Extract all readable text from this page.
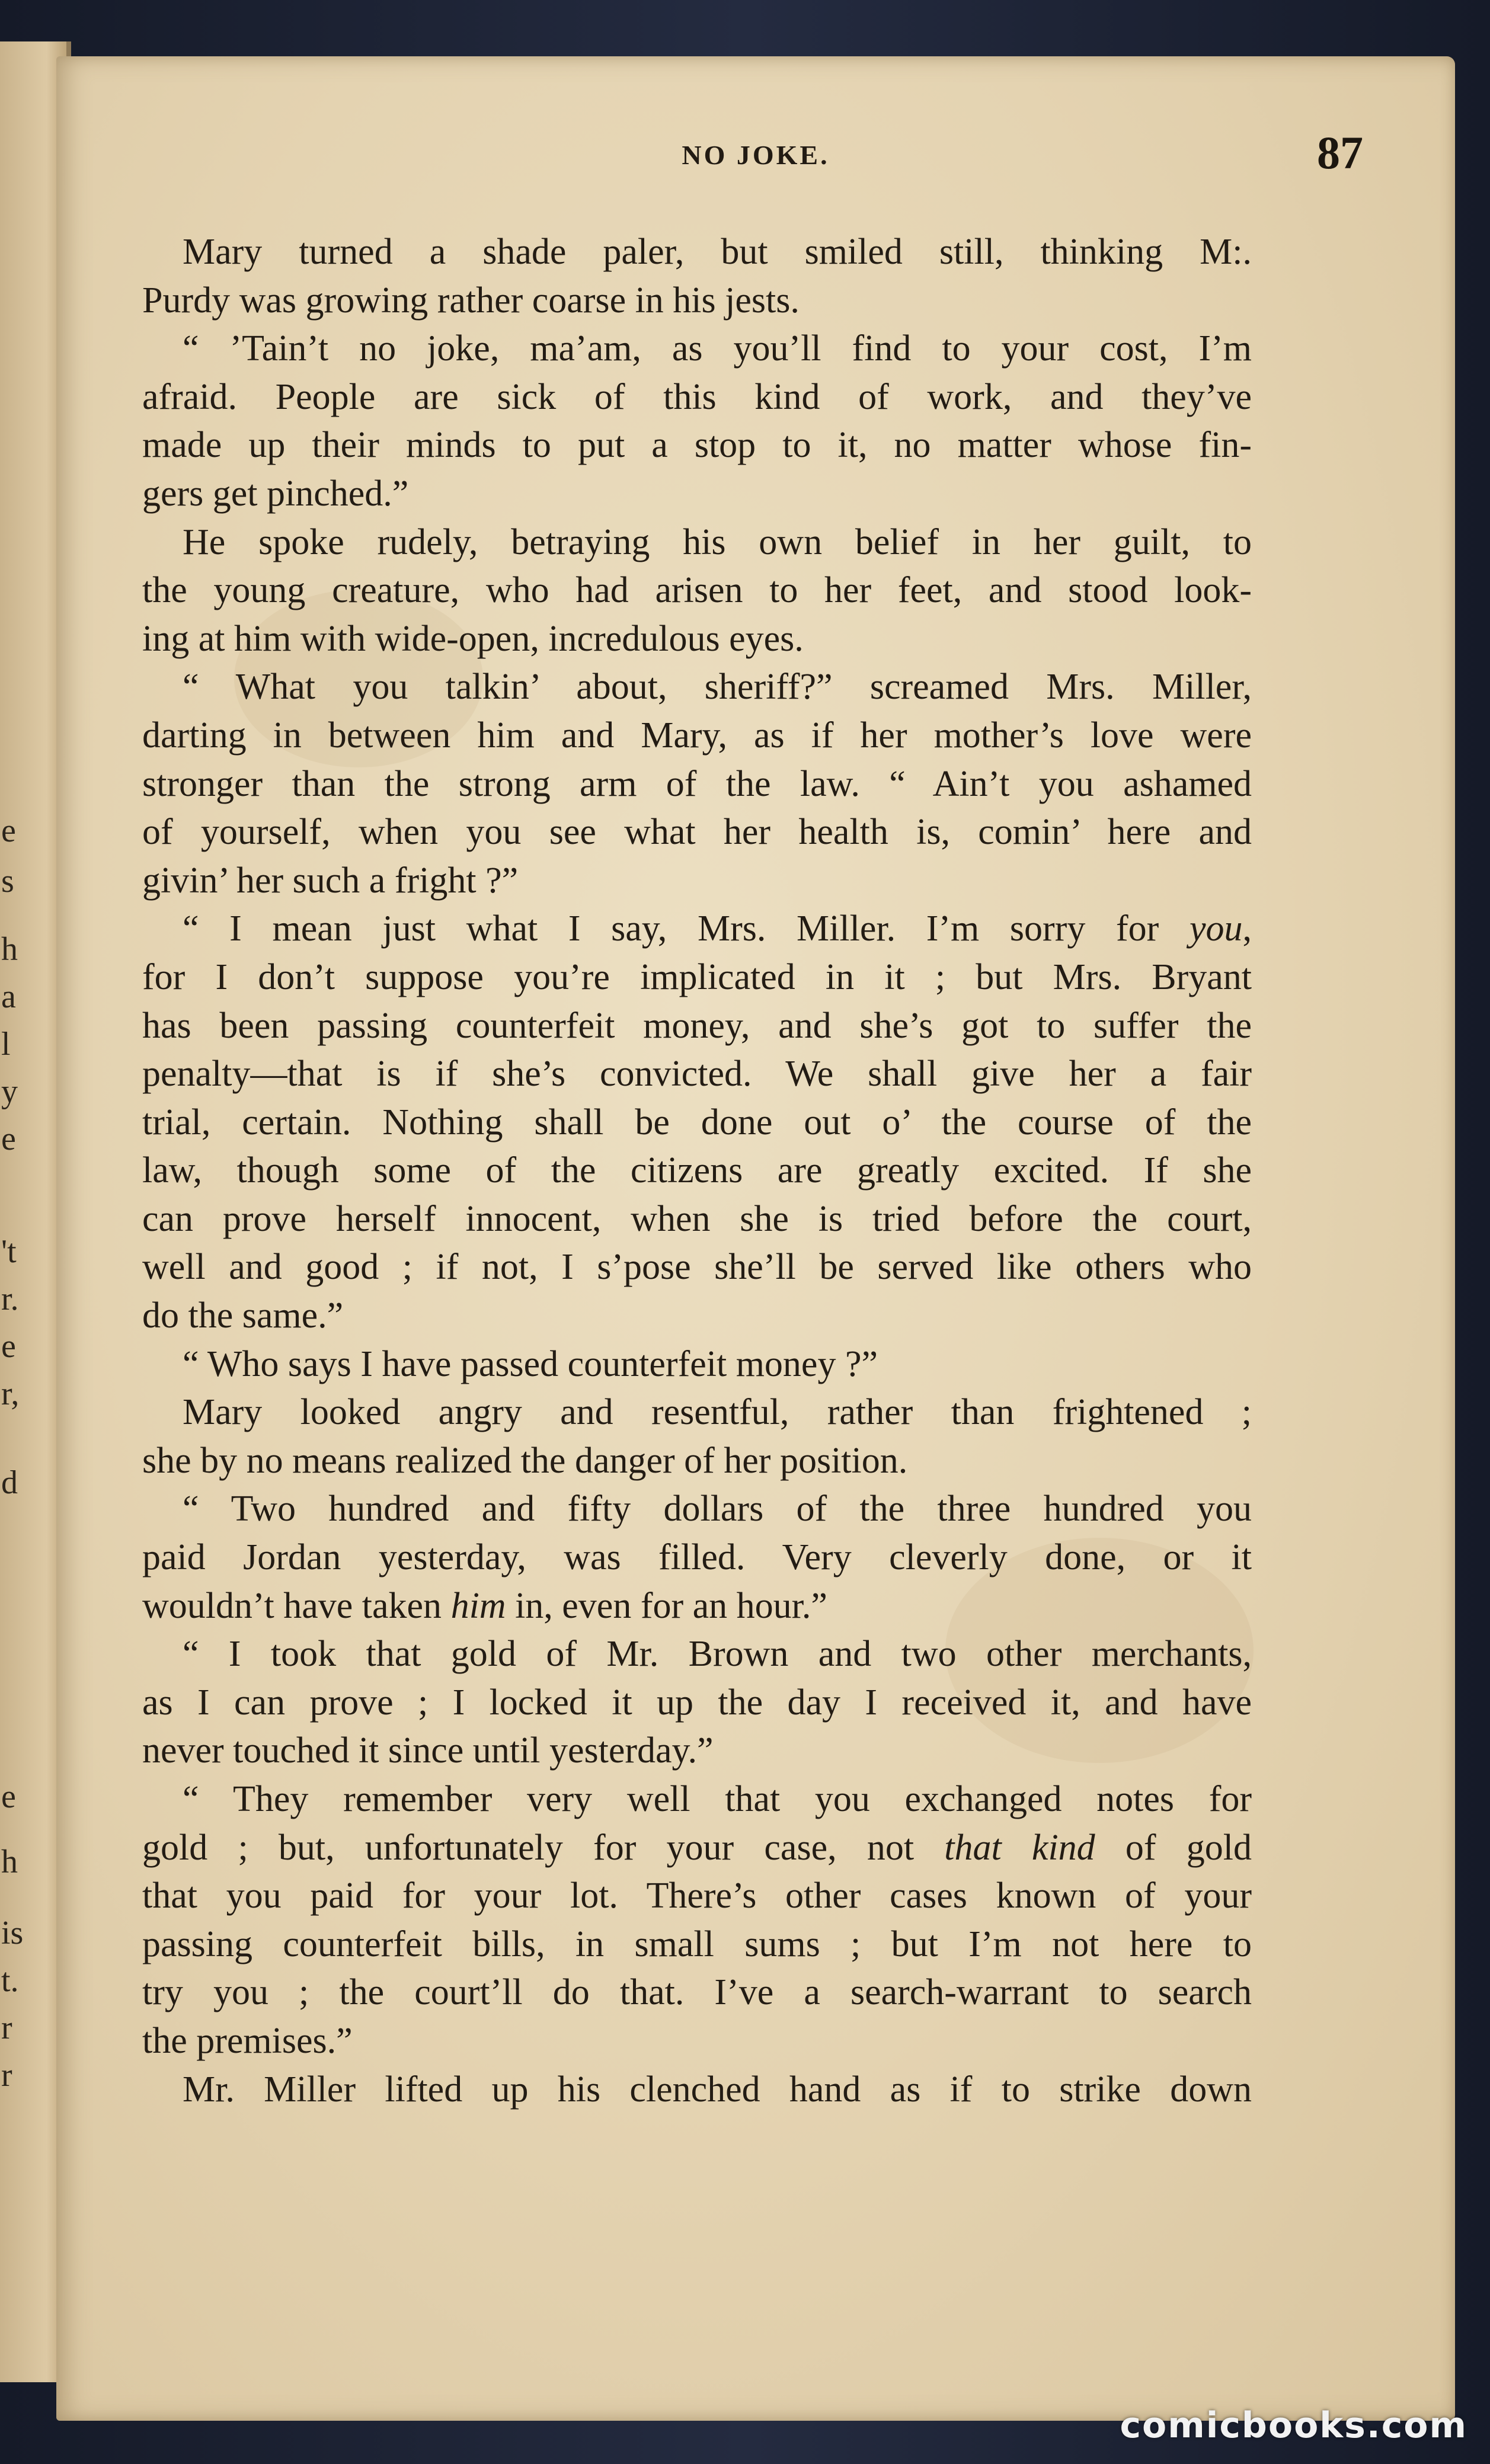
e
s
h
a
l
y
e
't
r.
e
r,
d
e
h
is
t.
r
r
NO JOKE.	87
Mary turned a shade paler, but smiled still, thinking M:.
Purdy was growing rather coarse in his jests.
“ ’Tain’t no joke, ma’am, as you’ll find to your cost, I’m
afraid. People are sick of this kind of work, and they’ve
made up their minds to put a stop to it, no matter whose fin-
gers get pinched.”
He spoke rudely, betraying his own belief in her guilt, to
the young creature, who had arisen to her feet, and stood look-
ing at him with wide-open, incredulous eyes.
“ What you talkin’ about, sheriff?” screamed Mrs. Miller,
darting in between him and Mary, as if her mother’s love were
stronger than the strong arm of the law. “ Ain’t you ashamed
of yourself, when you see what her health is, comin’ here and
givin’ her such a fright ?”
“ I mean just what I say, Mrs. Miller. I’m sorry for you,
for I don’t suppose you’re implicated in it ; but Mrs. Bryant
has been passing counterfeit money, and she’s got to suffer the
penalty—that is if she’s convicted. We shall give her a fair
trial, certain. Nothing shall be done out o’ the course of the
law, though some of the citizens are greatly excited. If she
can prove herself innocent, when she is tried before the court,
well and good ; if not, I s’pose she’ll be served like others who
do the same.”
“ Who says I have passed counterfeit money ?”
Mary looked angry and resentful, rather than frightened ;
she by no means realized the danger of her position.
“ Two hundred and fifty dollars of the three hundred you
paid Jordan yesterday, was filled. Very cleverly done, or it
wouldn’t have taken him in, even for an hour.”
“ I took that gold of Mr. Brown and two other merchants,
as I can prove ; I locked it up the day I received it, and have
never touched it since until yesterday.”
“ They remember very well that you exchanged notes for
gold ; but, unfortunately for your case, not that kind of gold
that you paid for your lot. There’s other cases known of your
passing counterfeit bills, in small sums ; but I’m not here to
try you ; the court’ll do that. I’ve a search-warrant to search
the premises.”
Mr. Miller lifted up his clenched hand as if to strike down
comicbooks.com
